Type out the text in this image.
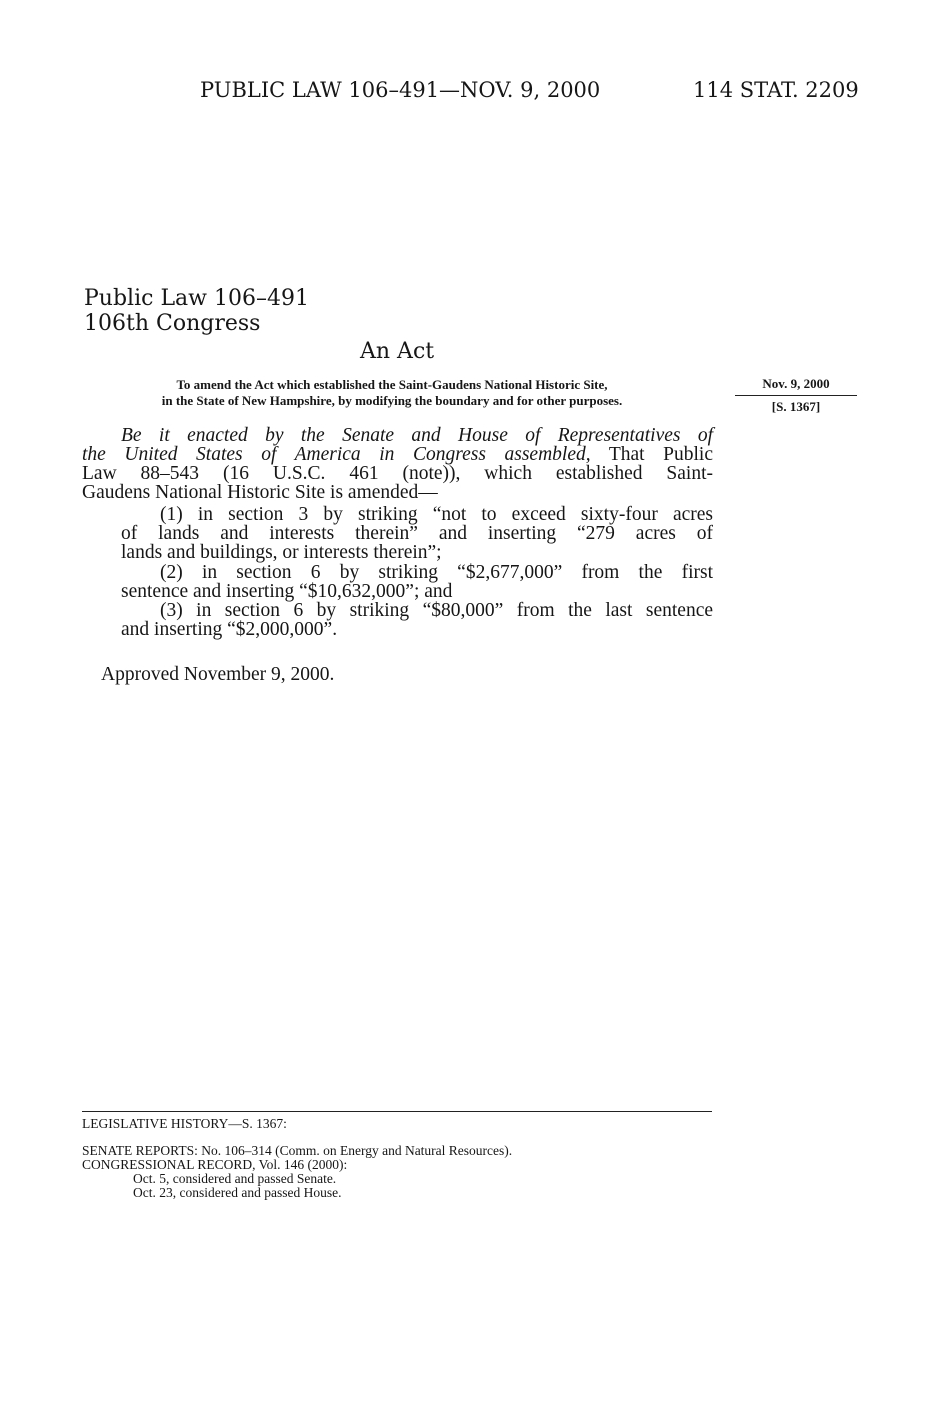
PUBLIC LAW 106–491—NOV. 9, 2000	114 STAT. 2209

Public Law 106–491

106th Congress

An Act

To amend the Act which established the Saint-Gaudens National Historic Site,

in the State of New Hampshire, by modifying the boundary and for other purposes.

Nov. 9, 2000

[S. 1367]

Be it enacted by the Senate and House of Representatives of

the United States of America in Congress assembled, That Public

Law 88–543 (16 U.S.C. 461 (note)), which established Saint-

Gaudens National Historic Site is amended—

(1) in section 3 by striking “not to exceed sixty-four acres

of lands and interests therein” and inserting “279 acres of

lands and buildings, or interests therein”;

(2) in section 6 by striking “$2,677,000” from the first

sentence and inserting “$10,632,000”; and

(3) in section 6 by striking “$80,000” from the last sentence

and inserting “$2,000,000”.

Approved November 9, 2000.

LEGISLATIVE HISTORY—S. 1367:

SENATE REPORTS: No. 106–314 (Comm. on Energy and Natural Resources).

CONGRESSIONAL RECORD, Vol. 146 (2000):

Oct. 5, considered and passed Senate.

Oct. 23, considered and passed House.
